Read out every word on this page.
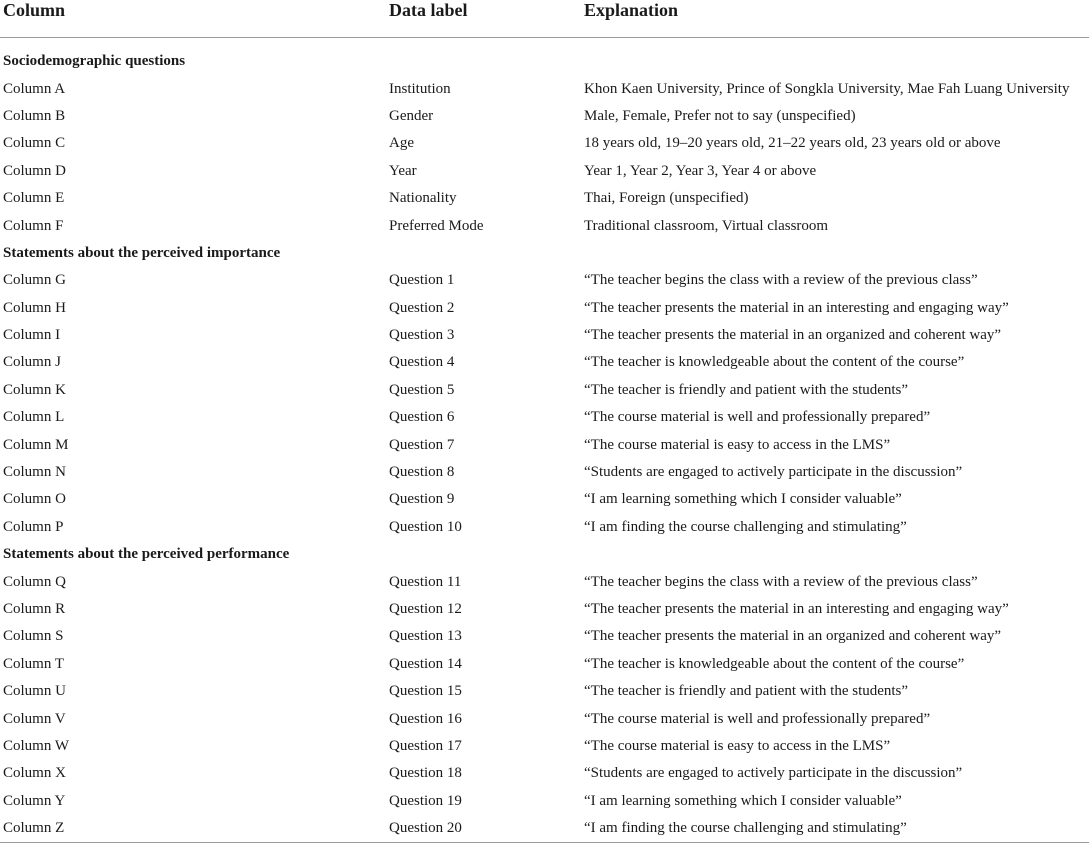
Column	Data label	Explanation

Sociodemographic questions		
Column A	Institution	Khon Kaen University, Prince of Songkla University, Mae Fah Luang University
Column B	Gender	Male, Female, Prefer not to say (unspecified)
Column C	Age	18 years old, 19–20 years old, 21–22 years old, 23 years old or above
Column D	Year	Year 1, Year 2, Year 3, Year 4 or above
Column E	Nationality	Thai, Foreign (unspecified)
Column F	Preferred Mode	Traditional classroom, Virtual classroom
Statements about the perceived importance		
Column G	Question 1	“The teacher begins the class with a review of the previous class”
Column H	Question 2	“The teacher presents the material in an interesting and engaging way”
Column I	Question 3	“The teacher presents the material in an organized and coherent way”
Column J	Question 4	“The teacher is knowledgeable about the content of the course”
Column K	Question 5	“The teacher is friendly and patient with the students”
Column L	Question 6	“The course material is well and professionally prepared”
Column M	Question 7	“The course material is easy to access in the LMS”
Column N	Question 8	“Students are engaged to actively participate in the discussion”
Column O	Question 9	“I am learning something which I consider valuable”
Column P	Question 10	“I am finding the course challenging and stimulating”
Statements about the perceived performance		
Column Q	Question 11	“The teacher begins the class with a review of the previous class”
Column R	Question 12	“The teacher presents the material in an interesting and engaging way”
Column S	Question 13	“The teacher presents the material in an organized and coherent way”
Column T	Question 14	“The teacher is knowledgeable about the content of the course”
Column U	Question 15	“The teacher is friendly and patient with the students”
Column V	Question 16	“The course material is well and professionally prepared”
Column W	Question 17	“The course material is easy to access in the LMS”
Column X	Question 18	“Students are engaged to actively participate in the discussion”
Column Y	Question 19	“I am learning something which I consider valuable”
Column Z	Question 20	“I am finding the course challenging and stimulating”
